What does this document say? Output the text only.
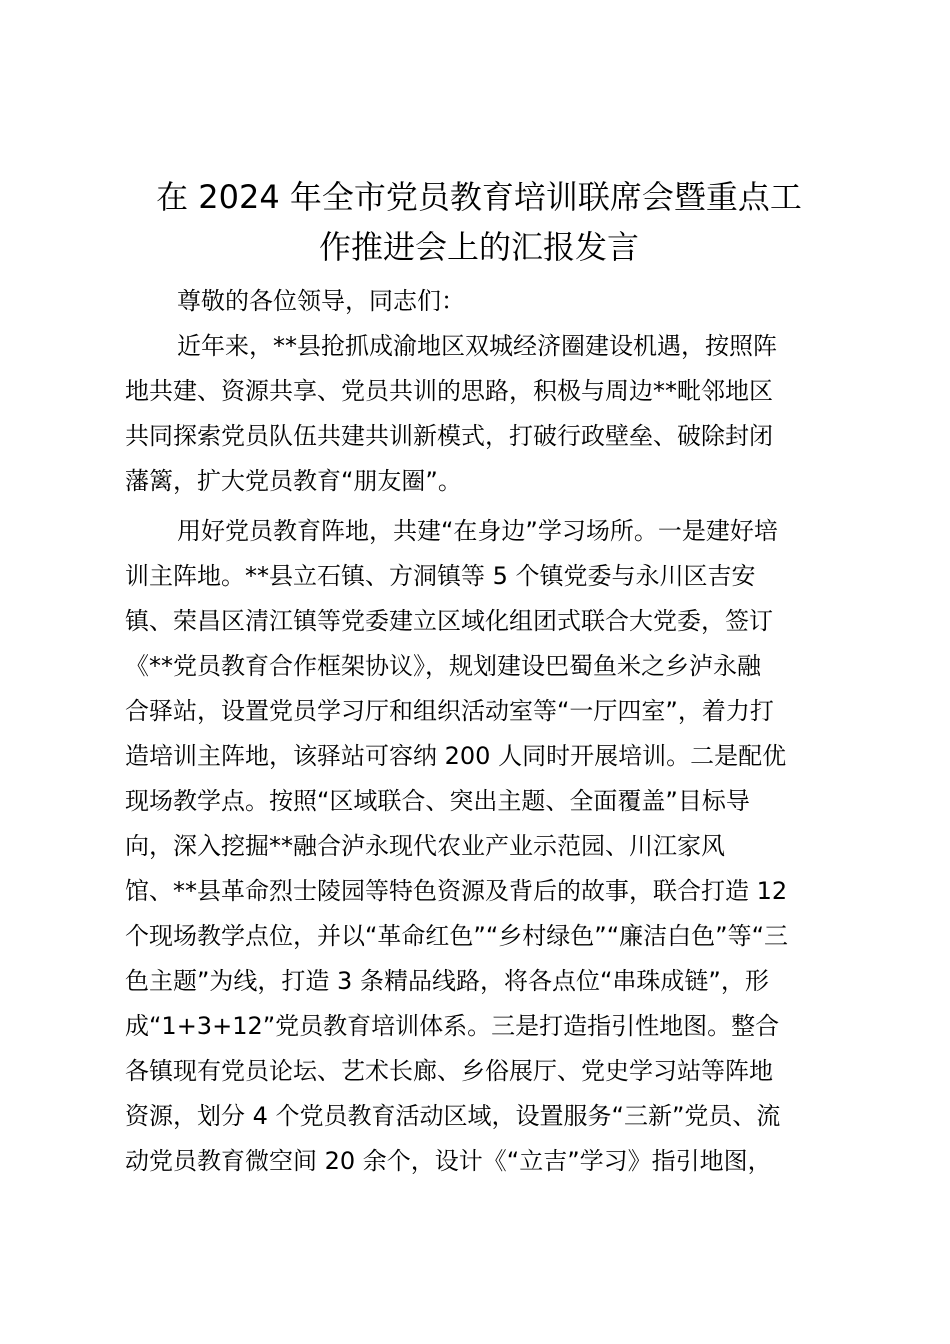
在 2024 年全市党员教育培训联席会暨重点工
作推进会上的汇报发言
尊敬的各位领导，同志们：
近年来，**县抢抓成渝地区双城经济圈建设机遇，按照阵
地共建、资源共享、党员共训的思路，积极与周边**毗邻地区
共同探索党员队伍共建共训新模式，打破行政壁垒、破除封闭
藩篱，扩大党员教育“朋友圈”。
用好党员教育阵地，共建“在身边”学习场所。一是建好培
训主阵地。**县立石镇、方洞镇等 5 个镇党委与永川区吉安
镇、荣昌区清江镇等党委建立区域化组团式联合大党委，签订
《**党员教育合作框架协议》，规划建设巴蜀鱼米之乡泸永融
合驿站，设置党员学习厅和组织活动室等“一厅四室”，着力打
造培训主阵地，该驿站可容纳 200 人同时开展培训。二是配优
现场教学点。按照“区域联合、突出主题、全面覆盖”目标导
向，深入挖掘**融合泸永现代农业产业示范园、川江家风
馆、**县革命烈士陵园等特色资源及背后的故事，联合打造 12
个现场教学点位，并以“革命红色”“乡村绿色”“廉洁白色”等“三
色主题”为线，打造 3 条精品线路，将各点位“串珠成链”，形
成“1+3+12”党员教育培训体系。三是打造指引性地图。整合
各镇现有党员论坛、艺术长廊、乡俗展厅、党史学习站等阵地
资源，划分 4 个党员教育活动区域，设置服务“三新”党员、流
动党员教育微空间 20 余个，设计《“立吉”学习》指引地图，
